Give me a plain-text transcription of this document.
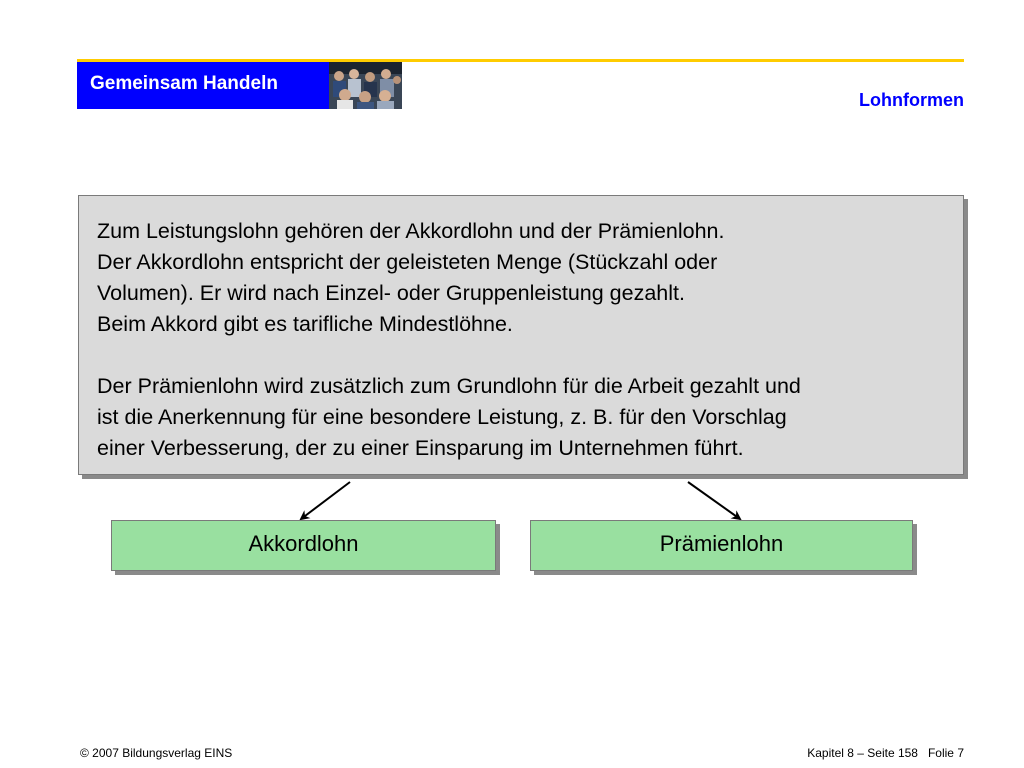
Gemeinsam Handeln
Lohnformen

Zum Leistungslohn gehören der Akkordlohn und der Prämienlohn.
Der Akkordlohn entspricht der geleisteten Menge (Stückzahl oder
Volumen). Er wird nach Einzel- oder Gruppenleistung gezahlt.
Beim Akkord gibt es tarifliche Mindestlöhne.

Der Prämienlohn wird zusätzlich zum Grundlohn für die Arbeit gezahlt und
ist die Anerkennung für eine besondere Leistung, z. B. für den Vorschlag
einer Verbesserung, der zu einer Einsparung im Unternehmen führt.

Akkordlohn	Prämienlohn
© 2007 Bildungsverlag EINS	Kapitel 8 – Seite 158 Folie 7
